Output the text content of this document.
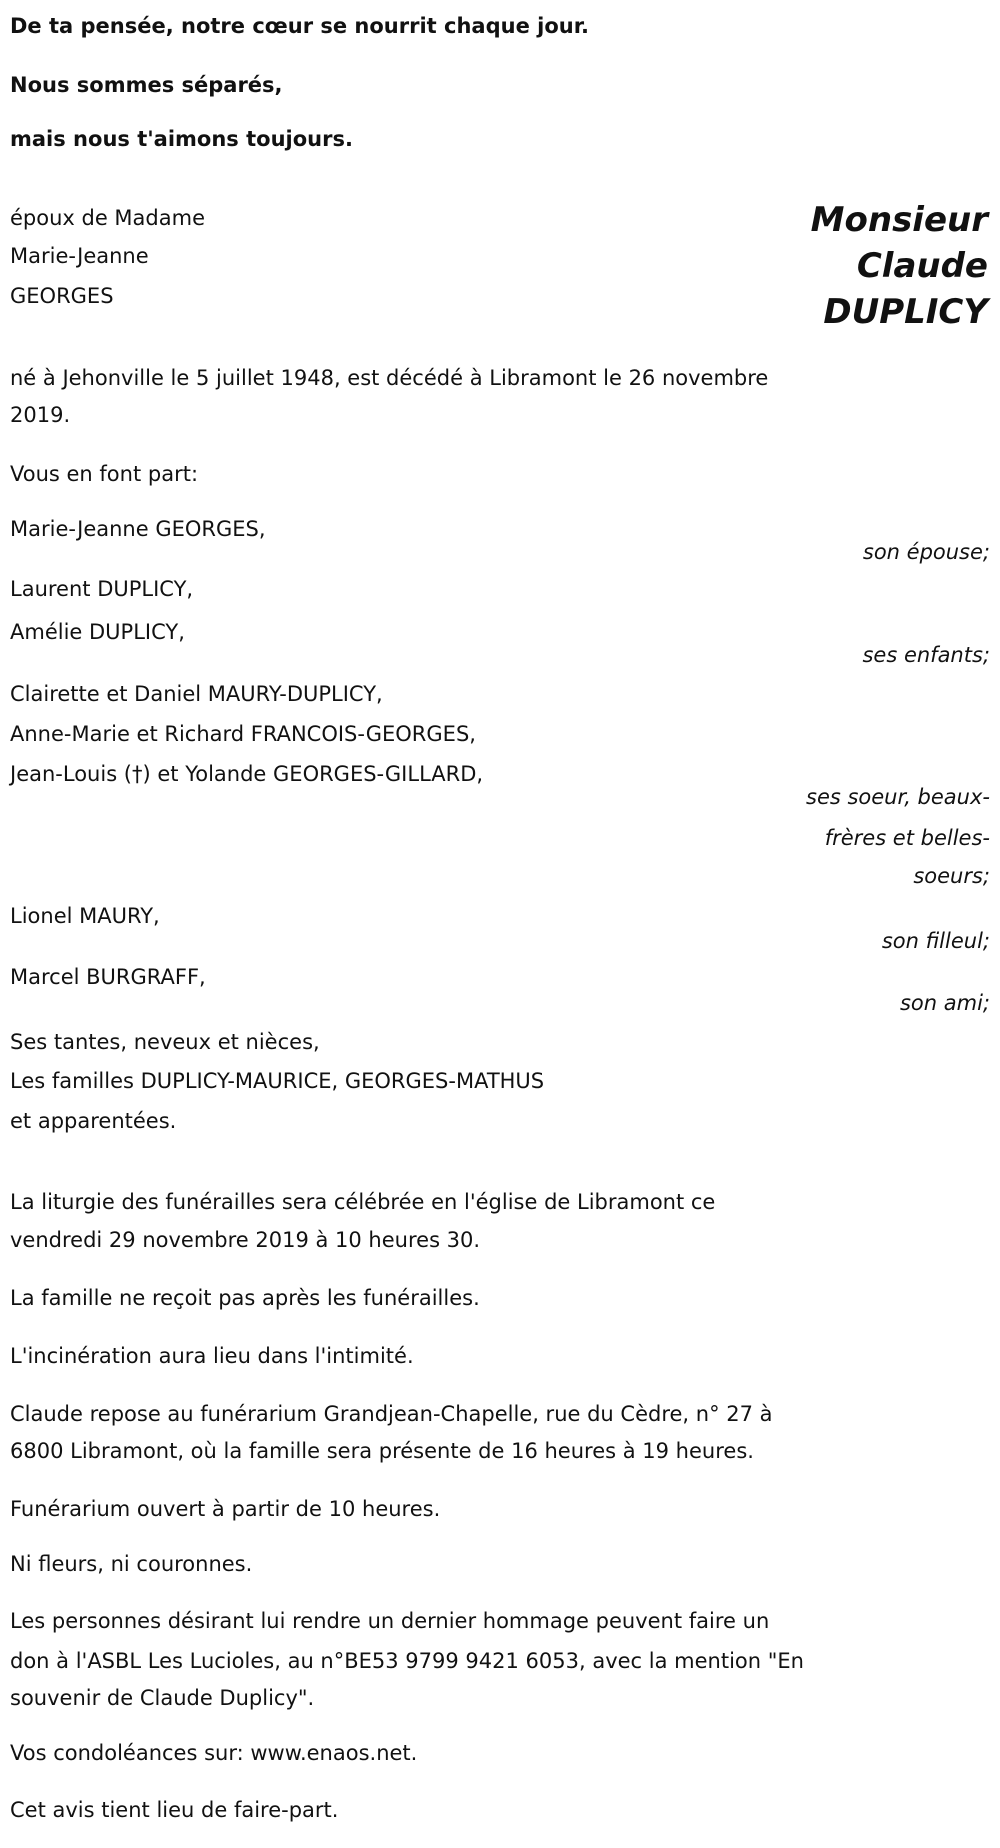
De ta pensée, notre cœur se nourrit chaque jour.
Nous sommes séparés,
mais nous t'aimons toujours.
époux de Madame
Marie-Jeanne
GEORGES
Monsieur
Claude
DUPLICY
né à Jehonville le 5 juillet 1948, est décédé à Libramont le 26 novembre
2019.
Vous en font part:
Marie-Jeanne GEORGES,
son épouse;
Laurent DUPLICY,
Amélie DUPLICY,
ses enfants;
Clairette et Daniel MAURY-DUPLICY,
Anne-Marie et Richard FRANCOIS-GEORGES,
Jean-Louis (†) et Yolande GEORGES-GILLARD,
ses soeur, beaux-
frères et belles-
soeurs;
Lionel MAURY,
son filleul;
Marcel BURGRAFF,
son ami;
Ses tantes, neveux et nièces,
Les familles DUPLICY-MAURICE, GEORGES-MATHUS
et apparentées.
La liturgie des funérailles sera célébrée en l'église de Libramont ce
vendredi 29 novembre 2019 à 10 heures 30.
La famille ne reçoit pas après les funérailles.
L'incinération aura lieu dans l'intimité.
Claude repose au funérarium Grandjean-Chapelle, rue du Cèdre, n° 27 à
6800 Libramont, où la famille sera présente de 16 heures à 19 heures.
Funérarium ouvert à partir de 10 heures.
Ni fleurs, ni couronnes.
Les personnes désirant lui rendre un dernier hommage peuvent faire un
don à l'ASBL Les Lucioles, au n°BE53 9799 9421 6053, avec la mention "En
souvenir de Claude Duplicy".
Vos condoléances sur: www.enaos.net.
Cet avis tient lieu de faire-part.
